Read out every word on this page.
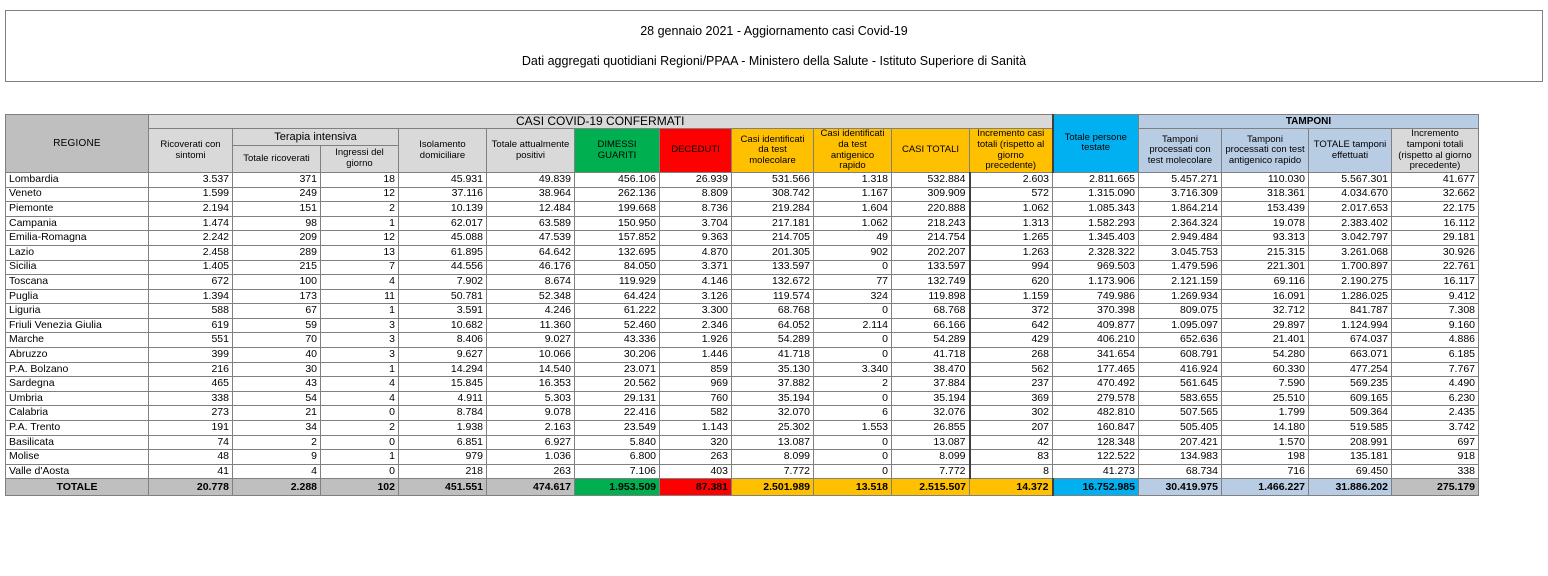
28 gennaio 2021 - Aggiornamento casi Covid-19
Dati aggregati quotidiani Regioni/PPAA - Ministero della Salute - Istituto Superiore di Sanità
REGIONE	CASI COVID-19 CONFERMATI											Totale persone testate	TAMPONI			
	Ricoverati con sintomi	Terapia intensiva		Isolamento domiciliare	Totale attualmente positivi	DIMESSI GUARITI	DECEDUTI	Casi identificati da test molecolare	Casi identificati da test antigenico rapido	CASI TOTALI	Incremento casi totali (rispetto al giorno precedente)		Tamponi processati con test molecolare	Tamponi processati con test antigenico rapido	TOTALE tamponi effettuati	Incremento tamponi totali (rispetto al giorno precedente)
		Totale ricoverati	Ingressi del giorno													
Lombardia	3.537	371	18	45.931	49.839	456.106	26.939	531.566	1.318	532.884	2.603	2.811.665	5.457.271	110.030	5.567.301	41.677
Veneto	1.599	249	12	37.116	38.964	262.136	8.809	308.742	1.167	309.909	572	1.315.090	3.716.309	318.361	4.034.670	32.662
Piemonte	2.194	151	2	10.139	12.484	199.668	8.736	219.284	1.604	220.888	1.062	1.085.343	1.864.214	153.439	2.017.653	22.175
Campania	1.474	98	1	62.017	63.589	150.950	3.704	217.181	1.062	218.243	1.313	1.582.293	2.364.324	19.078	2.383.402	16.112
Emilia-Romagna	2.242	209	12	45.088	47.539	157.852	9.363	214.705	49	214.754	1.265	1.345.403	2.949.484	93.313	3.042.797	29.181
Lazio	2.458	289	13	61.895	64.642	132.695	4.870	201.305	902	202.207	1.263	2.328.322	3.045.753	215.315	3.261.068	30.926
Sicilia	1.405	215	7	44.556	46.176	84.050	3.371	133.597	0	133.597	994	969.503	1.479.596	221.301	1.700.897	22.761
Toscana	672	100	4	7.902	8.674	119.929	4.146	132.672	77	132.749	620	1.173.906	2.121.159	69.116	2.190.275	16.117
Puglia	1.394	173	11	50.781	52.348	64.424	3.126	119.574	324	119.898	1.159	749.986	1.269.934	16.091	1.286.025	9.412
Liguria	588	67	1	3.591	4.246	61.222	3.300	68.768	0	68.768	372	370.398	809.075	32.712	841.787	7.308
Friuli Venezia Giulia	619	59	3	10.682	11.360	52.460	2.346	64.052	2.114	66.166	642	409.877	1.095.097	29.897	1.124.994	9.160
Marche	551	70	3	8.406	9.027	43.336	1.926	54.289	0	54.289	429	406.210	652.636	21.401	674.037	4.886
Abruzzo	399	40	3	9.627	10.066	30.206	1.446	41.718	0	41.718	268	341.654	608.791	54.280	663.071	6.185
P.A. Bolzano	216	30	1	14.294	14.540	23.071	859	35.130	3.340	38.470	562	177.465	416.924	60.330	477.254	7.767
Sardegna	465	43	4	15.845	16.353	20.562	969	37.882	2	37.884	237	470.492	561.645	7.590	569.235	4.490
Umbria	338	54	4	4.911	5.303	29.131	760	35.194	0	35.194	369	279.578	583.655	25.510	609.165	6.230
Calabria	273	21	0	8.784	9.078	22.416	582	32.070	6	32.076	302	482.810	507.565	1.799	509.364	2.435
P.A. Trento	191	34	2	1.938	2.163	23.549	1.143	25.302	1.553	26.855	207	160.847	505.405	14.180	519.585	3.742
Basilicata	74	2	0	6.851	6.927	5.840	320	13.087	0	13.087	42	128.348	207.421	1.570	208.991	697
Molise	48	9	1	979	1.036	6.800	263	8.099	0	8.099	83	122.522	134.983	198	135.181	918
Valle d'Aosta	41	4	0	218	263	7.106	403	7.772	0	7.772	8	41.273	68.734	716	69.450	338
TOTALE	20.778	2.288	102	451.551	474.617	1.953.509	87.381	2.501.989	13.518	2.515.507	14.372	16.752.985	30.419.975	1.466.227	31.886.202	275.179
